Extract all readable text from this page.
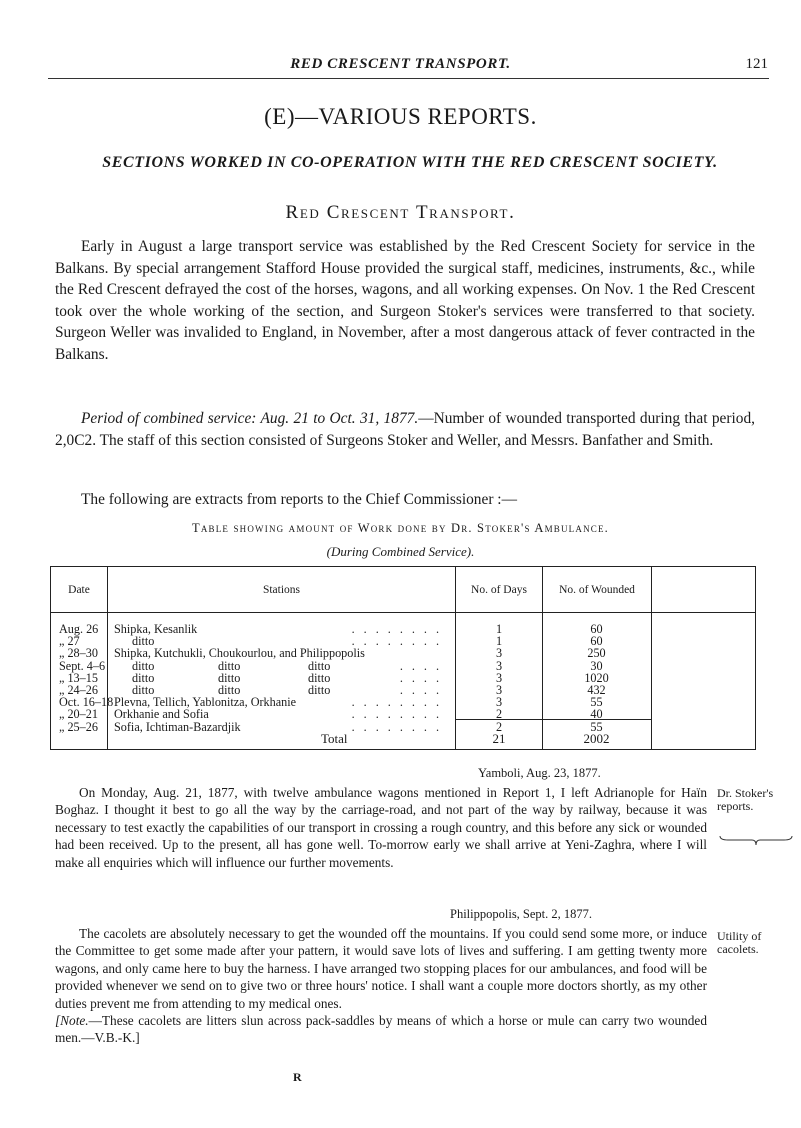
RED CRESCENT TRANSPORT.	121
(E)—VARIOUS REPORTS.
SECTIONS WORKED IN CO-OPERATION WITH THE RED CRESCENT SOCIETY.
Red Crescent Transport.

Early in August a large transport service was established by the Red Crescent Society for service in the Balkans. By special arrangement Stafford House provided the surgical staff, medicines, instruments, &c., while the Red Crescent defrayed the cost of the horses, wagons, and all working expenses. On Nov. 1 the Red Crescent took over the whole working of the section, and Surgeon Stoker's services were transferred to that society. Surgeon Weller was invalided to England, in November, after a most dangerous attack of fever contracted in the Balkans.

Period of combined service: Aug. 21 to Oct. 31, 1877.—Number of wounded transported during that period, 2,0C2. The staff of this section consisted of Surgeons Stoker and Weller, and Messrs. Banfather and Smith.

The following are extracts from reports to the Chief Commissioner :—

Table showing amount of Work done by Dr. Stoker's Ambulance.
(During Combined Service).
Date	Stations	No. of Days	No. of Wounded
Aug. 26	Shipka, Kesanlik	........	1	60
„ 27	ditto	........	1	60
„ 28–30	Shipka, Kutchukli, Choukourlou, and Philippopolis	3	250
Sept. 4–6	ditto	ditto	ditto	....	3	30
„ 13–15	ditto	ditto	ditto	....	3	1020
„ 24–26	ditto	ditto	ditto	....	3	432
Oct. 16–18 Plevna, Tellich, Yablonitza, Orkhanie	........	3	55
„ 20–21	Orkhanie and Sofia	........	2	40
„ 25–26	Sofia, Ichtiman-Bazardjik	........	2	55
Total	21	2002
Yamboli, Aug. 23, 1877.

On Monday, Aug. 21, 1877, with twelve ambulance wagons mentioned in Report 1, I left Adrianople for Haïn Boghaz. I thought it best to go all the way by the carriage-road, and not part of the way by railway, because it was necessary to test exactly the capabilities of our transport in crossing a rough country, and this before any sick or wounded had been received. Up to the present, all has gone well. To-morrow early we shall arrive at Yeni-Zaghra, where I will make all enquiries which will influence our further movements.

Dr. Stoker's reports.
Philippopolis, Sept. 2, 1877.

The cacolets are absolutely necessary to get the wounded off the mountains. If you could send some more, or induce the Committee to get some made after your pattern, it would save lots of lives and suffering. I am getting twenty more wagons, and only came here to buy the harness. I have arranged two stopping places for our ambulances, and food will be provided whenever we send on to give two or three hours' notice. I shall want a couple more doctors shortly, as my other duties prevent me from attending to my medical ones.
[Note.—These cacolets are litters slun across pack-saddles by means of which a horse or mule can carry two wounded men.—V.B.-K.]

Utility of cacolets.
R
